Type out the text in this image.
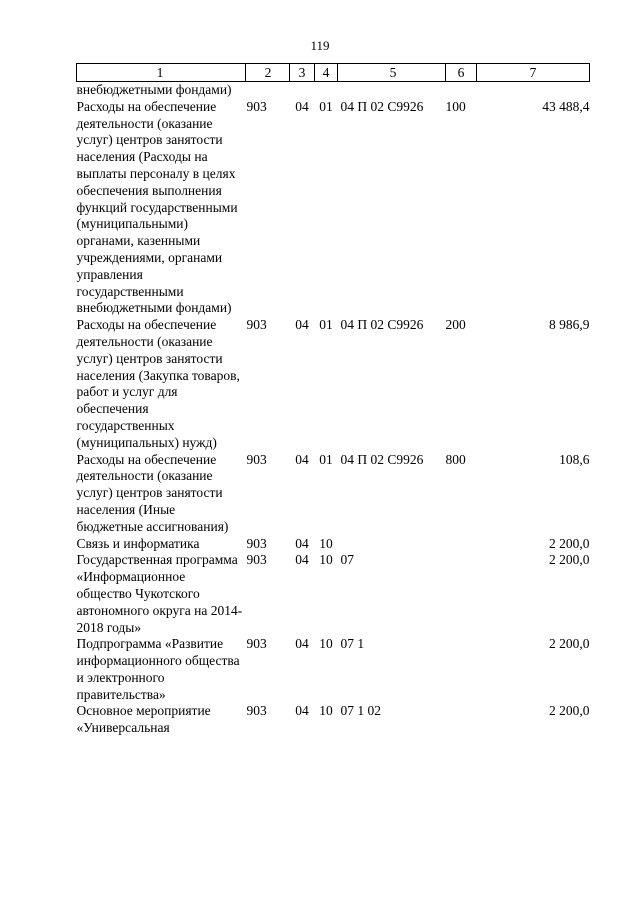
119
1	2	3	4	5	6	7
внебюджетными фондами)						
Расходы на обеспечение деятельности (оказание услуг) центров занятости населения (Расходы на выплаты персоналу в целях обеспечения выполнения функций государственными (муниципальными) органами, казенными учреждениями, органами управления государственными внебюджетными фондами)	903	04	01	04 П 02 С9926	100	43 488,4
Расходы на обеспечение деятельности (оказание услуг) центров занятости населения (Закупка товаров, работ и услуг для обеспечения государственных (муниципальных) нужд)	903	04	01	04 П 02 С9926	200	8 986,9
Расходы на обеспечение деятельности (оказание услуг) центров занятости населения (Иные бюджетные ассигнования)	903	04	01	04 П 02 С9926	800	108,6
Связь и информатика	903	04	10			2 200,0
Государственная программа «Информационное общество Чукотского автономного округа на 2014-2018 годы»	903	04	10	07		2 200,0
Подпрограмма «Развитие информационного общества и электронного правительства»	903	04	10	07 1		2 200,0
Основное мероприятие «Универсальная	903	04	10	07 1 02		2 200,0
